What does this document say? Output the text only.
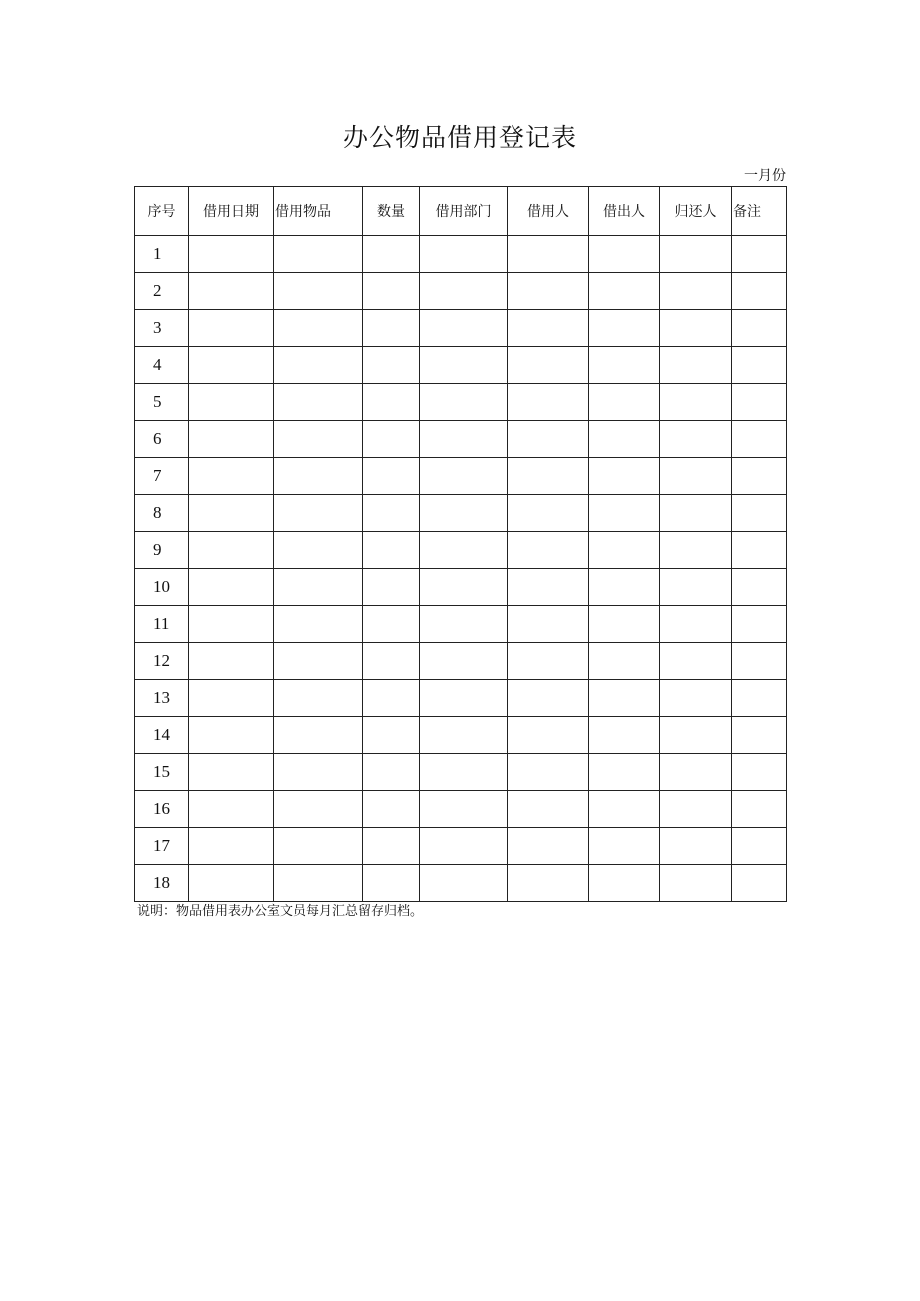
办公物品借用登记表
一月份
序号	借用日期	借用物品	数量	借用部门	借用人	借出人	归还人	备注
1								
2								
3								
4								
5								
6								
7								
8								
9								
10								
11								
12								
13								
14								
15								
16								
17								
18								
说明：物品借用表办公室文员每月汇总留存归档。
